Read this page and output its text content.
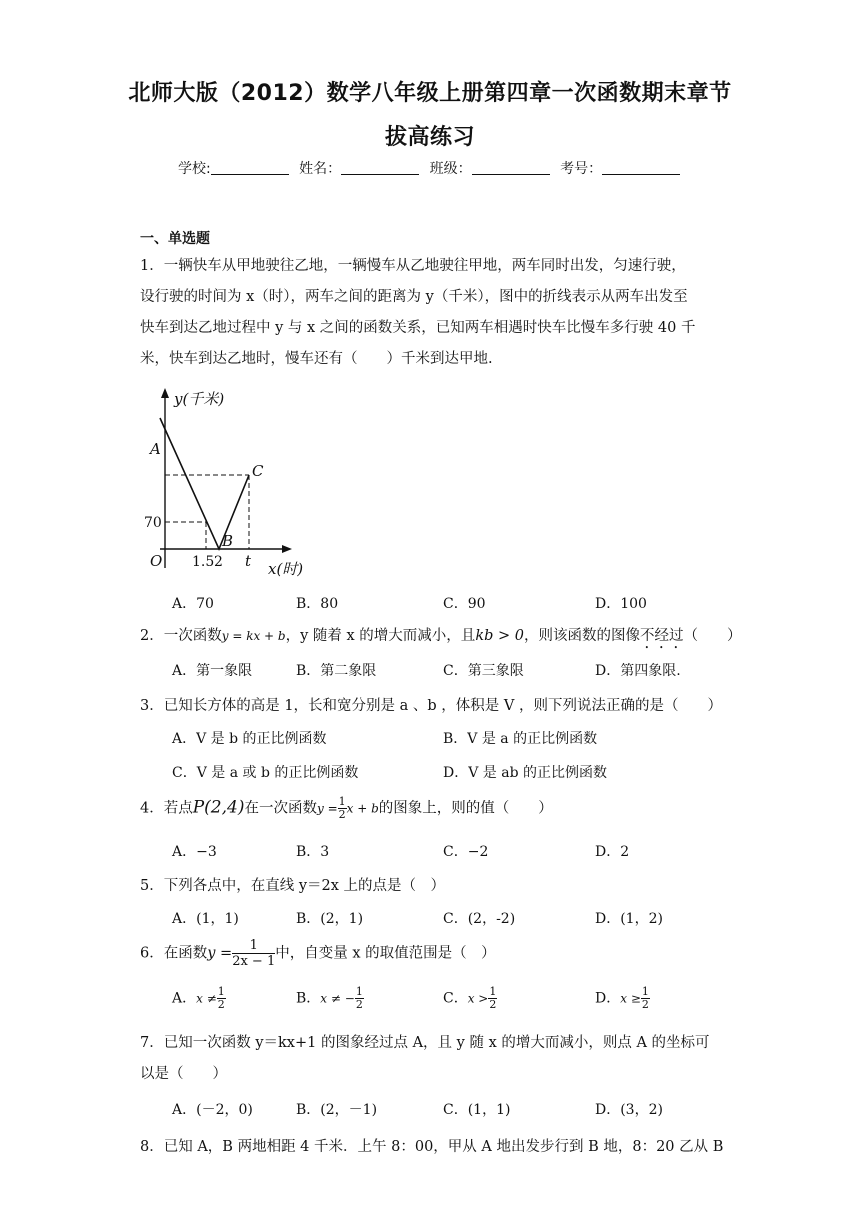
北师大版（2012）数学八年级上册第四章一次函数期末章节
拔高练习
学校:	姓名：	班级：	考号：
一、单选题
1．一辆快车从甲地驶往乙地，一辆慢车从乙地驶往甲地，两车同时出发，匀速行驶，
设行驶的时间为 x（时），两车之间的距离为 y（千米），图中的折线表示从两车出发至
快车到达乙地过程中 y 与 x 之间的函数关系，已知两车相遇时快车比慢车多行驶 40 千
米，快车到达乙地时，慢车还有（　　）千米到达甲地.
y(千米)
A
C
70
O
B
1.5 2 t x(时)
A．70	B．80	C．90	D．100
2．一次函数y = kx + b，y 随着 x 的增大而减小，且kb > 0，则该函数的图像不经过（　　）
A．第一象限	B．第二象限	C．第三象限	D．第四象限.
3．已知长方体的高是 1，长和宽分别是 a 、b ，体积是 V ，则下列说法正确的是（　　）
A．V 是 b 的正比例函数	B．V 是 a 的正比例函数
C．V 是 a 或 b 的正比例函数	D．V 是 ab 的正比例函数
4．若点P(2,4)在一次函数$y = \frac{1}{2}$ x + b的图象上，则的值（　　）
A．−3	B．3	C．−2	D．2
5．下列各点中，在直线 y＝2x 上的点是（　）
A．(1，1)	B．(2，1)	C．(2，-2)	D．(1，2)
6．在函数$y = \frac{1}{2x - 1}$ 中，自变量 x 的取值范围是（　）
A．$x \ne \frac{1}{2}$	B．x ≠ − $\frac{1}{2}$	C．$x > \frac{1}{2}$	D．$x \ge \frac{1}{2}$
7．已知一次函数 y＝kx+1 的图象经过点 A，且 y 随 x 的增大而减小，则点 A 的坐标可
以是（　　）
A．(－2，0)	B．(2，－1)	C．(1，1)	D．(3，2)
8．已知 A，B 两地相距 4 千米．上午 8：00，甲从 A 地出发步行到 B 地，8：20 乙从 B
